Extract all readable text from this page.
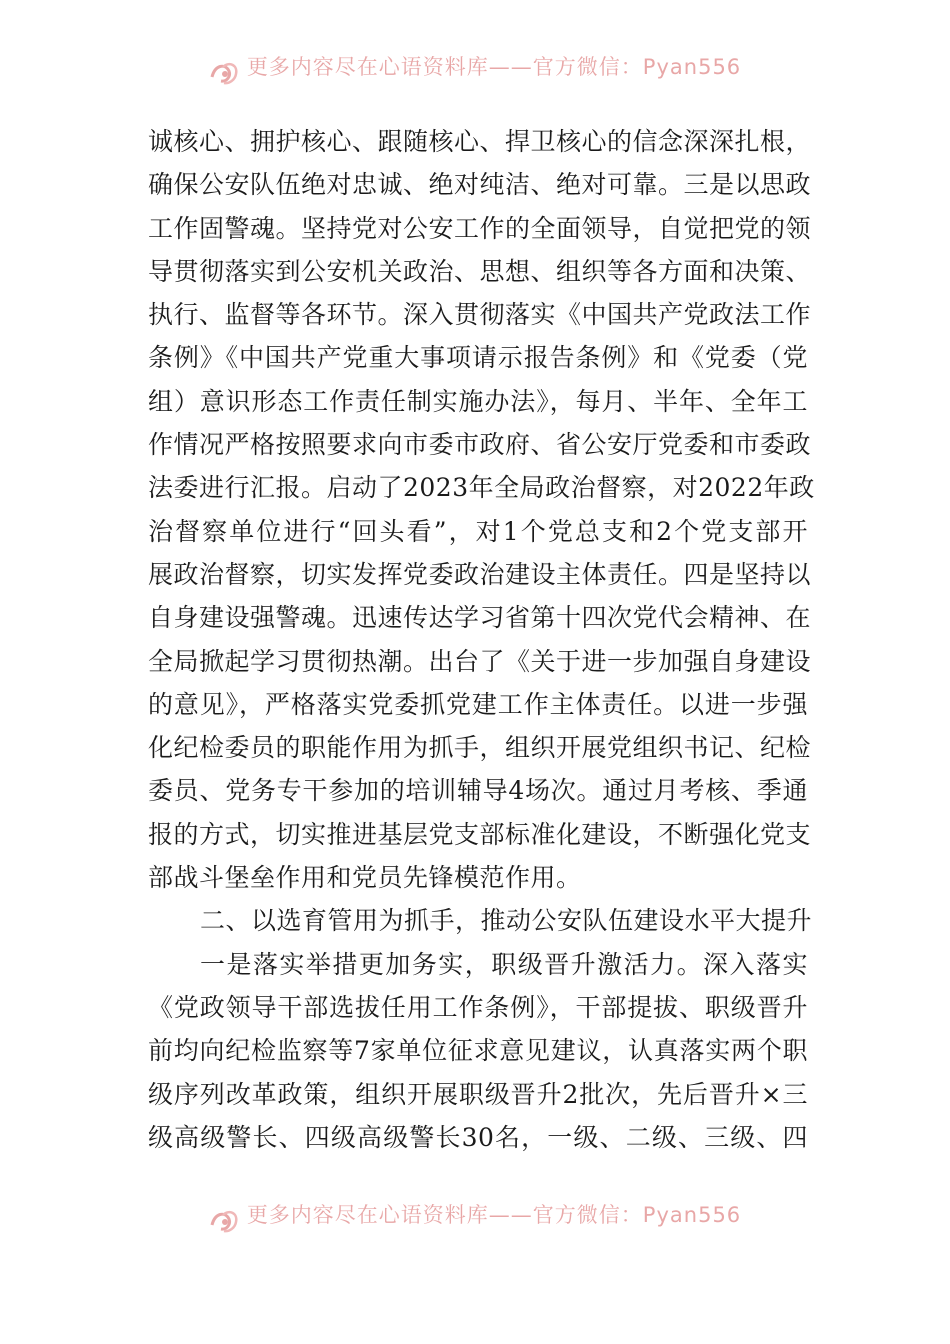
更多内容尽在心语资料库——官方微信：Pyan556
诚核心、拥护核心、跟随核心、捍卫核心的信念深深扎根，
确保公安队伍绝对忠诚、绝对纯洁、绝对可靠。三是以思政
工作固警魂。坚持党对公安工作的全面领导，自觉把党的领
导贯彻落实到公安机关政治、思想、组织等各方面和决策、
执行、监督等各环节。深入贯彻落实《中国共产党政法工作
条例》《中国共产党重大事项请示报告条例》和《党委（党
组）意识形态工作责任制实施办法》，每月、半年、全年工
作情况严格按照要求向市委市政府、省公安厅党委和市委政
法委进行汇报。启动了2023年全局政治督察，对2022年政
治督察单位进行“回头看”，对1个党总支和2个党支部开
展政治督察，切实发挥党委政治建设主体责任。四是坚持以
自身建设强警魂。迅速传达学习省第十四次党代会精神、在
全局掀起学习贯彻热潮。出台了《关于进一步加强自身建设
的意见》，严格落实党委抓党建工作主体责任。以进一步强
化纪检委员的职能作用为抓手，组织开展党组织书记、纪检
委员、党务专干参加的培训辅导4场次。通过月考核、季通
报的方式，切实推进基层党支部标准化建设，不断强化党支
部战斗堡垒作用和党员先锋模范作用。
二、以选育管用为抓手，推动公安队伍建设水平大提升
一是落实举措更加务实，职级晋升激活力。深入落实
《党政领导干部选拔任用工作条例》，干部提拔、职级晋升
前均向纪检监察等7家单位征求意见建议，认真落实两个职
级序列改革政策，组织开展职级晋升2批次，先后晋升×三
级高级警长、四级高级警长30名，一级、二级、三级、四
更多内容尽在心语资料库——官方微信：Pyan556
